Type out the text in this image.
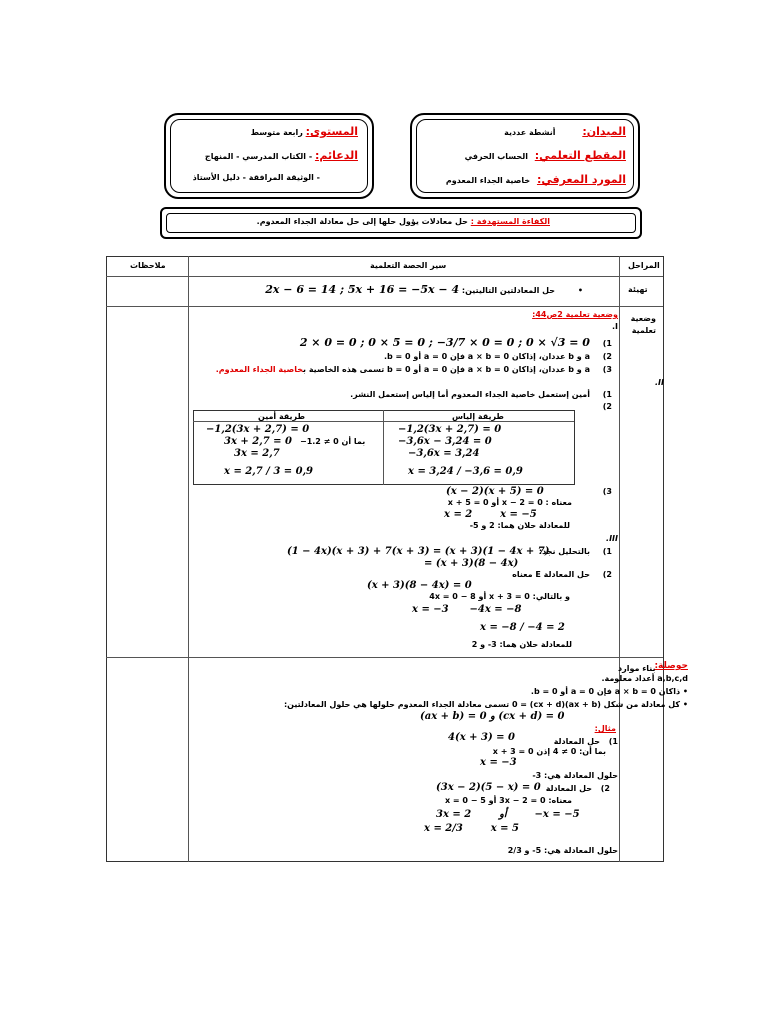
المستوى: رابعة متوسط
الدعائم: - الكتاب المدرسي - المنهاج
- الوثيقة المرافقة - دليل الأستاذ
الميدان: أنشطة عددية
المقطع التعلمي: الحساب الحرفي
المورد المعرفي: خاصية الجداء المعدوم
الكفاءة المستهدفة : حل معادلات يؤول حلها إلى حل معادلة الجداء المعدوم.
المراحل
سير الحصة التعلمية
ملاحظات
تهيئة
وضعية تعلمية
بناء موارد
• حل المعادلتين التاليتين: 2x − 6 = 14 ; 5x + 16 = −5x − 4
وضعية تعلمية 2ص44:
I.
1) 2 × 0 = 0 ; 0 × 5 = 0 ; −3/7 × 0 = 0 ; 0 × √3 = 0
2) a و b عددان، إذاكان a × b = 0 فإن a = 0 أو b = 0.
3) a و b عددان، إذاكان a × b = 0 فإن a = 0 أو b = 0 تسمى هذه الخاصية بخاصية الجداء المعدوم.
II.
1) أمين إستعمل خاصية الجداء المعدوم أما إلياس إستعمل النشر.
2)
طريقة إلياس
طريقة أمين
−1,2(3x + 2,7) = 0
−3,6x − 3,24 = 0
−3,6x = 3,24
x = 3,24 / −3,6 = 0,9
−1,2(3x + 2,7) = 0
3x + 2,7 = 0 بما أن 0 ≠ 1.2−
3x = 2,7
x = 2,7 / 3 = 0,9
3)
(x − 2)(x + 5) = 0
معناه : x − 2 = 0 أو x + 5 = 0
x = 2        x = −5
للمعادلة حلان هما: 2 و 5-
III.
1) بالتحليل نجد:
(1 − 4x)(x + 3) + 7(x + 3) = (x + 3)(1 − 4x + 7)
= (x + 3)(8 − 4x)
2) حل المعادلة E معناه
(x + 3)(8 − 4x) = 0
و بالتالي: x + 3 = 0 أو 8 − 4x = 0
x = −3      −4x = −8
x = −8 / −4 = 2
للمعادلة حلان هما: 3- و 2
حوصلة:
a,b,c,d أعداد معلومة.
• ذاكان a × b = 0 فإن a = 0 أو b = 0.
• كل معادلة من شكل (ax + b)(cx + d) = 0 تسمى معادلة الجداء المعدوم حلولها هي حلول المعادلتين:
(ax + b) = 0 و (cx + d) = 0
مثال:
1) حل المعادلة
4(x + 3) = 0
بما أن: 0 ≠ 4 إذن x + 3 = 0
x = −3
حلول المعادلة هي: 3-
2) حل المعادلة
(3x − 2)(5 − x) = 0
معناه: 3x − 2 = 0 أو 5 − x = 0
3x = 2        أو        −x = −5
x = 2/3        x = 5
حلول المعادلة هي: 5- و 2/3
